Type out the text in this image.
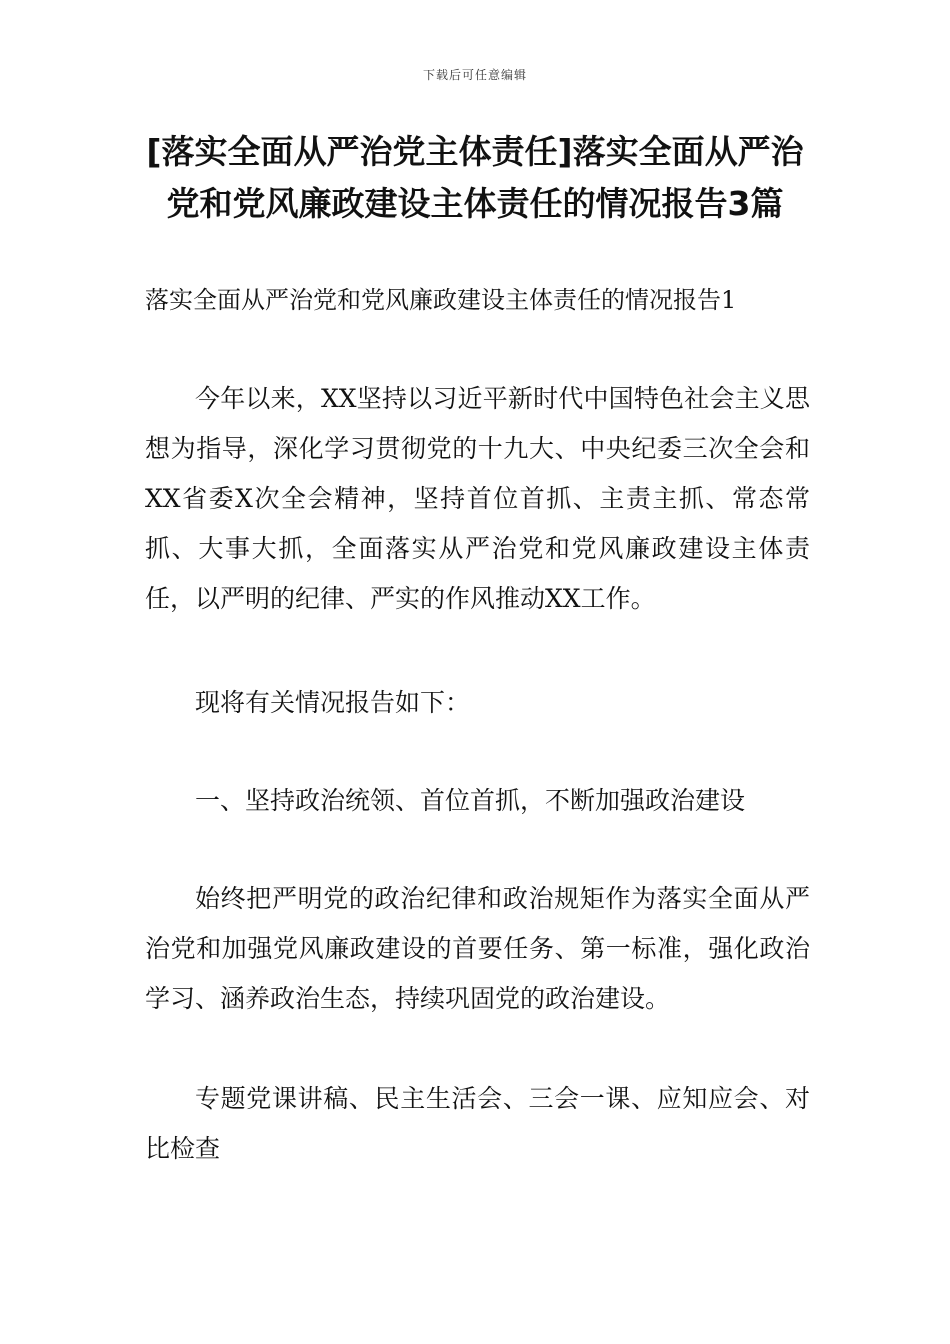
下载后可任意编辑
[落实全面从严治党主体责任]落实全面从严治党和党风廉政建设主体责任的情况报告3篇

落实全面从严治党和党风廉政建设主体责任的情况报告1

今年以来，XX坚持以习近平新时代中国特色社会主义思想为指导，深化学习贯彻党的十九大、中央纪委三次全会和XX省委X次全会精神，坚持首位首抓、主责主抓、常态常抓、大事大抓，全面落实从严治党和党风廉政建设主体责任，以严明的纪律、严实的作风推动XX工作。

现将有关情况报告如下：

一、坚持政治统领、首位首抓，不断加强政治建设

始终把严明党的政治纪律和政治规矩作为落实全面从严治党和加强党风廉政建设的首要任务、第一标准，强化政治学习、涵养政治生态，持续巩固党的政治建设。

专题党课讲稿、民主生活会、三会一课、应知应会、对比检查
